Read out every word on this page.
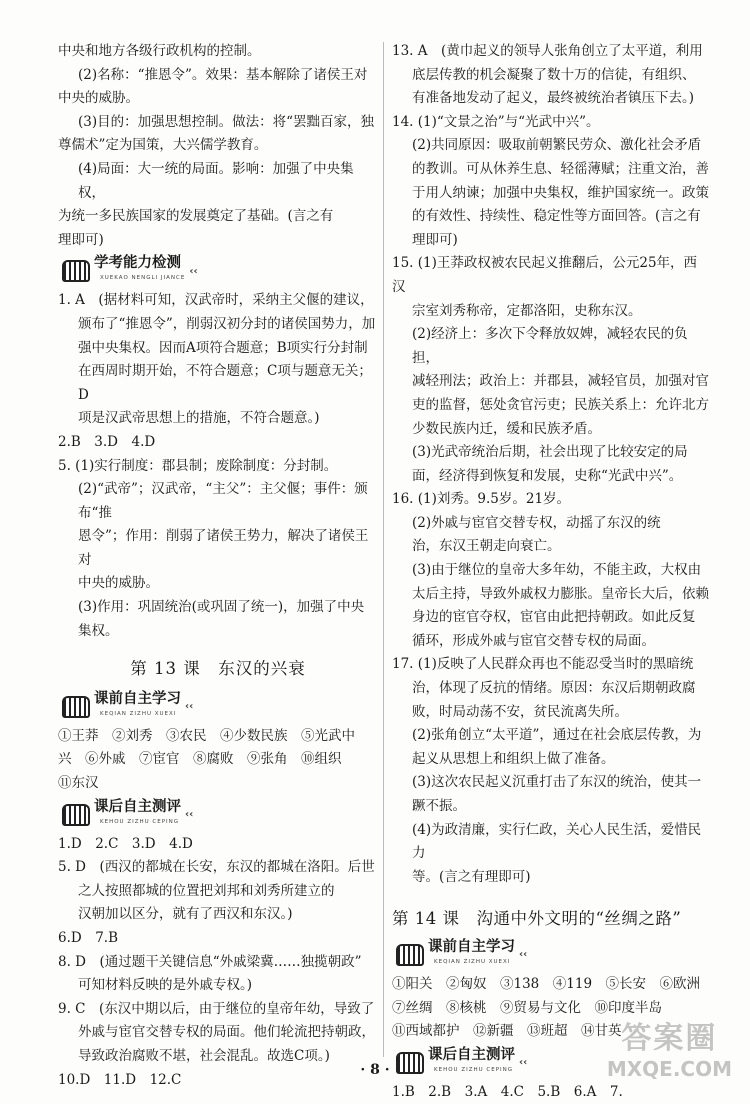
中央和地方各级行政机构的控制。

(2)名称：“推恩令”。效果：基本解除了诸侯王对

中央的威胁。

(3)目的：加强思想控制。做法：将“罢黜百家，独

尊儒术”定为国策，大兴儒学教育。

(4)局面：大一统的局面。影响：加强了中央集权，

为统一多民族国家的发展奠定了基础。(言之有

理即可)

学考能力检测
XUEKAO NENGLI JIANCE
‹‹

1. A　(据材料可知，汉武帝时，采纳主父偃的建议，

颁布了“推恩令”，削弱汉初分封的诸侯国势力，加

强中央集权。因而A项符合题意；B项实行分封制

在西周时期开始，不符合题意；C项与题意无关；D

项是汉武帝思想上的措施，不符合题意。)

2.B　3.D　4.D

5. (1)实行制度：郡县制；废除制度：分封制。

(2)“武帝”；汉武帝，“主父”：主父偃；事件：颁布“推

恩令”；作用：削弱了诸侯王势力，解决了诸侯王对

中央的威胁。

(3)作用：巩固统治(或巩固了统一)，加强了中央

集权。

第 13 课　东汉的兴衰
课前自主学习
KEQIAN ZIZHU XUEXI
‹‹

①王莽　②刘秀　③农民　④少数民族　⑤光武中

兴　⑥外戚　⑦宦官　⑧腐败　⑨张角　⑩组织

⑪东汉

课后自主测评
KEHOU ZIZHU CEPING
‹‹

1.D　2.C　3.D　4.D

5. D　(西汉的都城在长安，东汉的都城在洛阳。后世

之人按照都城的位置把刘邦和刘秀所建立的

汉朝加以区分，就有了西汉和东汉。)

6.D　7.B

8. D　(通过题干关键信息“外戚梁冀……独揽朝政”

可知材料反映的是外戚专权。)

9. C　(东汉中期以后，由于继位的皇帝年幼，导致了

外戚与宦官交替专权的局面。他们轮流把持朝政，

导致政治腐败不堪，社会混乱。故选C项。)

10.D　11.D　12.C

13. A　(黄巾起义的领导人张角创立了太平道，利用

底层传教的机会凝聚了数十万的信徒，有组织、

有准备地发动了起义，最终被统治者镇压下去。)

14. (1)“文景之治”与“光武中兴”。

(2)共同原因：吸取前朝繁民劳众、激化社会矛盾

的教训。可从休养生息、轻徭薄赋；注重文治，善

于用人纳谏；加强中央集权，维护国家统一。政策

的有效性、持续性、稳定性等方面回答。(言之有

理即可)

15. (1)王莽政权被农民起义推翻后，公元25年，西汉

宗室刘秀称帝，定都洛阳，史称东汉。

(2)经济上：多次下令释放奴婢，减轻农民的负担，

减轻刑法；政治上：并郡县，减轻官员，加强对官

吏的监督，惩处贪官污吏；民族关系上：允许北方

少数民族内迁，缓和民族矛盾。

(3)光武帝统治后期，社会出现了比较安定的局

面，经济得到恢复和发展，史称“光武中兴”。

16. (1)刘秀。9.5岁。21岁。

(2)外戚与宦官交替专权，动摇了东汉的统

治，东汉王朝走向衰亡。

(3)由于继位的皇帝大多年幼，不能主政，大权由

太后主持，导致外戚权力膨胀。皇帝长大后，依赖

身边的宦官夺权，宦官由此把持朝政。如此反复

循环，形成外戚与宦官交替专权的局面。

17. (1)反映了人民群众再也不能忍受当时的黑暗统

治，体现了反抗的情绪。原因：东汉后期朝政腐

败，时局动荡不安，贫民流离失所。

(2)张角创立“太平道”，通过在社会底层传教，为

起义从思想上和组织上做了准备。

(3)这次农民起义沉重打击了东汉的统治，使其一

蹶不振。

(4)为政清廉，实行仁政，关心人民生活，爱惜民力

等。(言之有理即可)

第 14 课　沟通中外文明的“丝绸之路”
课前自主学习
KEQIAN ZIZHU XUEXI
‹‹

①阳关　②匈奴　③138　④119　⑤长安　⑥欧洲

⑦丝绸　⑧核桃　⑨贸易与文化　⑩印度半岛

⑪西域都护　⑫新疆　⑬班超　⑭甘英

课后自主测评
KEHOU ZIZHU CEPING
‹‹

1.B　2.B　3.A　4.C　5.B　6.A　7.

· 8 ·
答案圈
MXQE.COM
